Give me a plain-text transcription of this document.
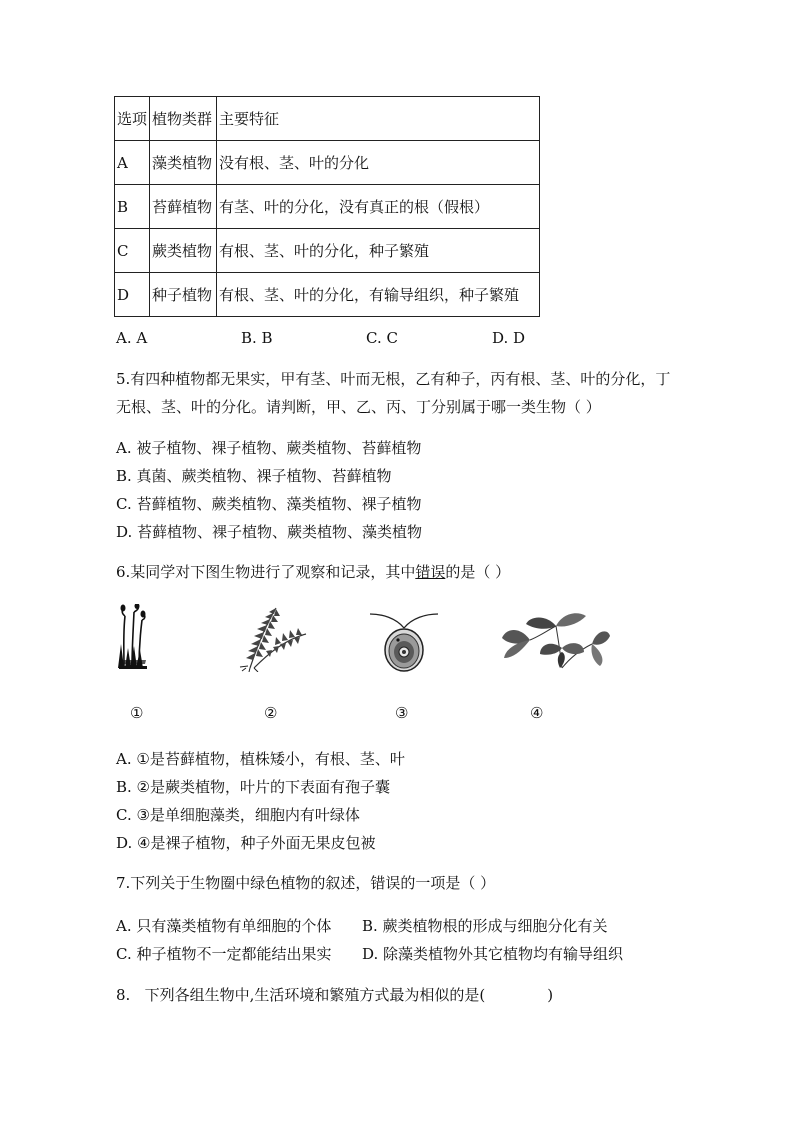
选项	植物类群	主要特征
A	藻类植物	没有根、茎、叶的分化
B	苔藓植物	有茎、叶的分化，没有真正的根（假根）
C	蕨类植物	有根、茎、叶的分化，种子繁殖
D	种子植物	有根、茎、叶的分化，有输导组织，种子繁殖
A. A	B. B	C. C	D. D
5.有四种植物都无果实，甲有茎、叶而无根，乙有种子，丙有根、茎、叶的分化，丁
无根、茎、叶的分化。请判断，甲、乙、丙、丁分别属于哪一类生物（ ）
A. 被子植物、裸子植物、蕨类植物、苔藓植物
B. 真菌、蕨类植物、裸子植物、苔藓植物
C. 苔藓植物、蕨类植物、藻类植物、裸子植物
D. 苔藓植物、裸子植物、蕨类植物、藻类植物
6.某同学对下图生物进行了观察和记录，其中错误的是（ ）
①	②	③	④
A. ①是苔藓植物，植株矮小，有根、茎、叶
B. ②是蕨类植物，叶片的下表面有孢子囊
C. ③是单细胞藻类，细胞内有叶绿体
D. ④是裸子植物，种子外面无果皮包被
7.下列关于生物圈中绿色植物的叙述，错误的一项是（ ）
A. 只有藻类植物有单细胞的个体 B. 蕨类植物根的形成与细胞分化有关
C. 种子植物不一定都能结出果实 D. 除藻类植物外其它植物均有输导组织
8.   下列各组生物中,生活环境和繁殖方式最为相似的是(             )
